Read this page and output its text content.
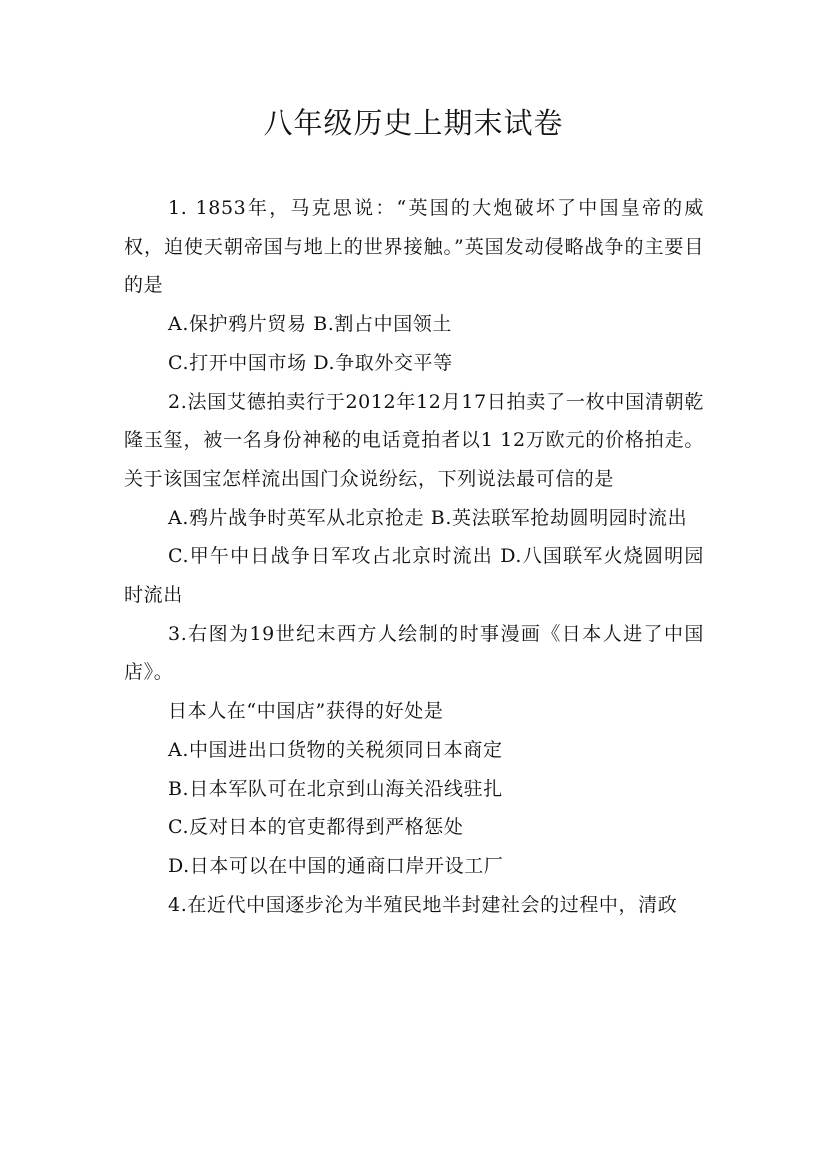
八年级历史上期末试卷

1. 1853年，马克思说：“英国的大炮破坏了中国皇帝的威权，迫使天朝帝国与地上的世界接触。”英国发动侵略战争的主要目的是

A.保护鸦片贸易 B.割占中国领土

C.打开中国市场 D.争取外交平等

2.法国艾德拍卖行于2012年12月17日拍卖了一枚中国清朝乾隆玉玺，被一名身份神秘的电话竟拍者以1 12万欧元的价格拍走。关于该国宝怎样流出国门众说纷纭，下列说法最可信的是

A.鸦片战争时英军从北京抢走 B.英法联军抢劫圆明园时流出

C.甲午中日战争日军攻占北京时流出 D.八国联军火烧圆明园时流出

3.右图为19世纪末西方人绘制的时事漫画《日本人进了中国店》。

日本人在“中国店”获得的好处是

A.中国进出口货物的关税须同日本商定

B.日本军队可在北京到山海关沿线驻扎

C.反对日本的官吏都得到严格惩处

D.日本可以在中国的通商口岸开设工厂

4.在近代中国逐步沦为半殖民地半封建社会的过程中，清政
